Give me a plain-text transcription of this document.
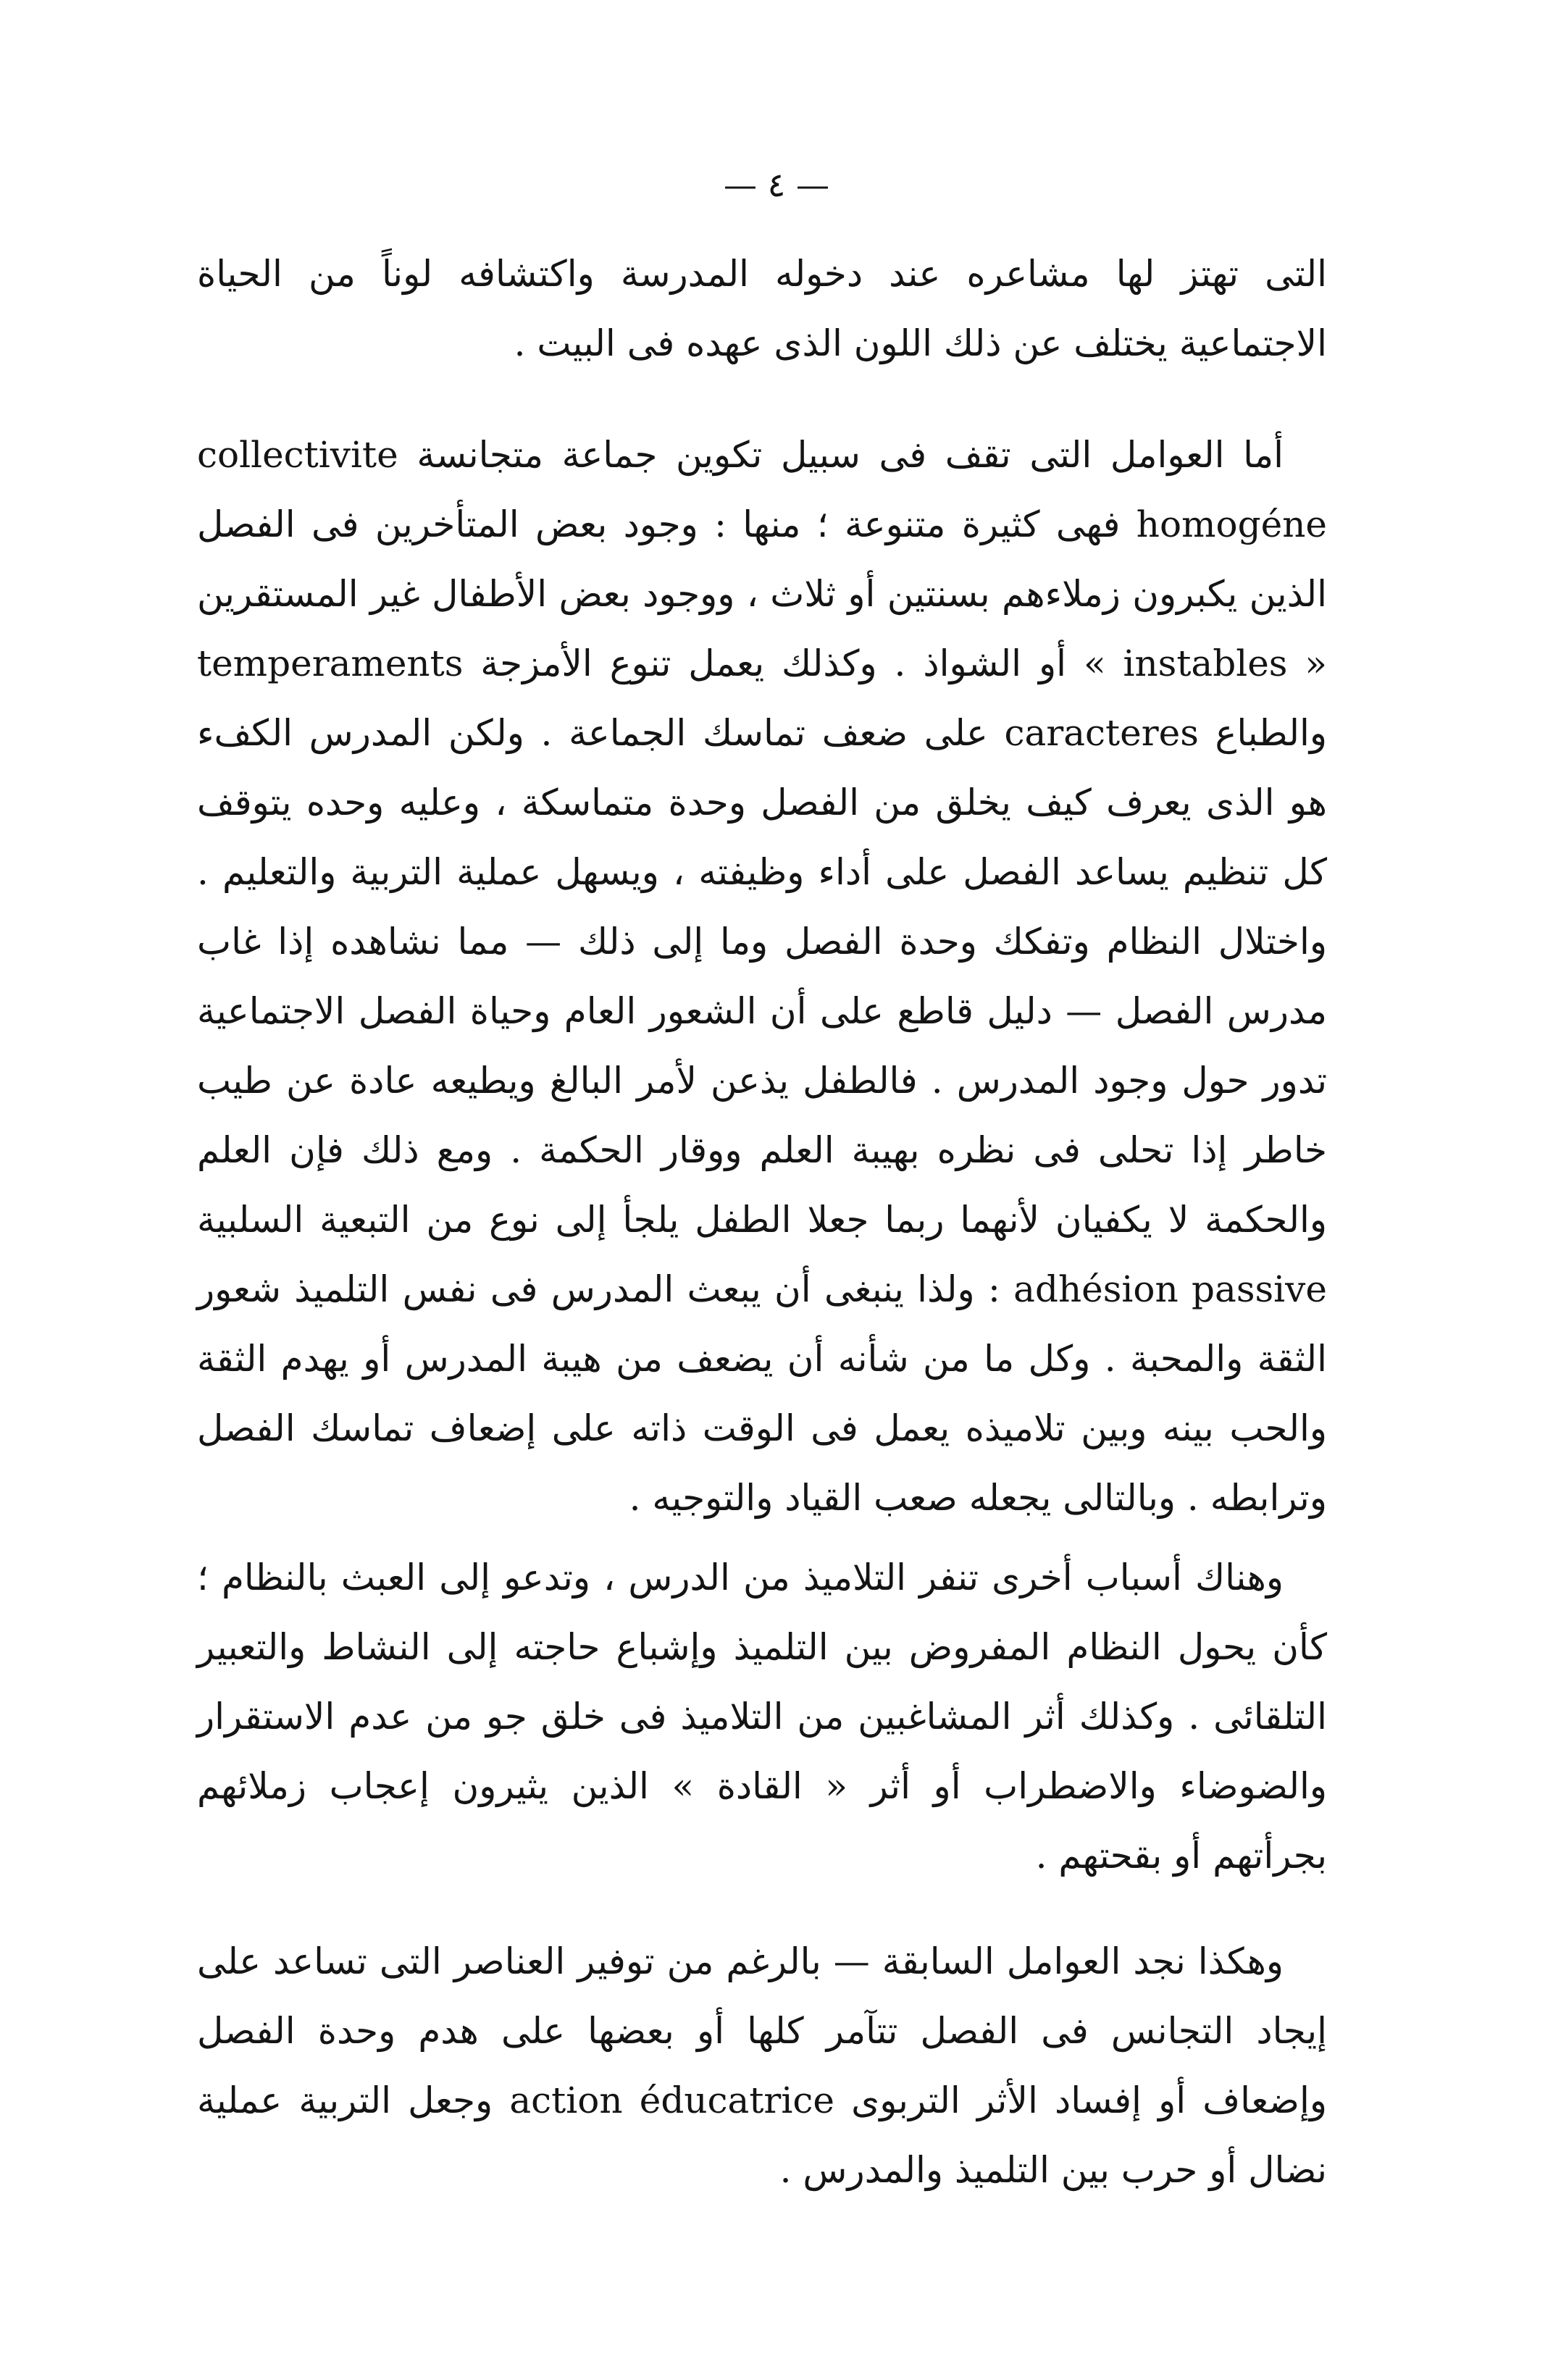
— ٤ —

التى تهتز لها مشاعره عند دخوله المدرسة واكتشافه لوناً من الحياة الاجتماعية يختلف عن ذلك اللون الذى عهده فى البيت .

أما العوامل التى تقف فى سبيل تكوين جماعة متجانسة collectivite homogéne فهى كثيرة متنوعة ؛ منها : وجود بعض المتأخرين فى الفصل الذين يكبرون زملاءهم بسنتين أو ثلاث ، ووجود بعض الأطفال غير المستقرين « instables » أو الشواذ . وكذلك يعمل تنوع الأمزجة temperaments والطباع caracteres على ضعف تماسك الجماعة . ولكن المدرس الكفء هو الذى يعرف كيف يخلق من الفصل وحدة متماسكة ، وعليه وحده يتوقف كل تنظيم يساعد الفصل على أداء وظيفته ، ويسهل عملية التربية والتعليم . واختلال النظام وتفكك وحدة الفصل وما إلى ذلك — مما نشاهده إذا غاب مدرس الفصل — دليل قاطع على أن الشعور العام وحياة الفصل الاجتماعية تدور حول وجود المدرس . فالطفل يذعن لأمر البالغ ويطيعه عادة عن طيب خاطر إذا تحلى فى نظره بهيبة العلم ووقار الحكمة . ومع ذلك فإن العلم والحكمة لا يكفيان لأنهما ربما جعلا الطفل يلجأ إلى نوع من التبعية السلبية adhésion passive : ولذا ينبغى أن يبعث المدرس فى نفس التلميذ شعور الثقة والمحبة . وكل ما من شأنه أن يضعف من هيبة المدرس أو يهدم الثقة والحب بينه وبين تلاميذه يعمل فى الوقت ذاته على إضعاف تماسك الفصل وترابطه . وبالتالى يجعله صعب القياد والتوجيه .

وهناك أسباب أخرى تنفر التلاميذ من الدرس ، وتدعو إلى العبث بالنظام ؛ كأن يحول النظام المفروض بين التلميذ وإشباع حاجته إلى النشاط والتعبير التلقائى . وكذلك أثر المشاغبين من التلاميذ فى خلق جو من عدم الاستقرار والضوضاء والاضطراب أو أثر « القادة » الذين يثيرون إعجاب زملائهم بجرأتهم أو بقحتهم .

وهكذا نجد العوامل السابقة — بالرغم من توفير العناصر التى تساعد على إيجاد التجانس فى الفصل تتآمر كلها أو بعضها على هدم وحدة الفصل وإضعاف أو إفساد الأثر التربوى action éducatrice وجعل التربية عملية نضال أو حرب بين التلميذ والمدرس .
